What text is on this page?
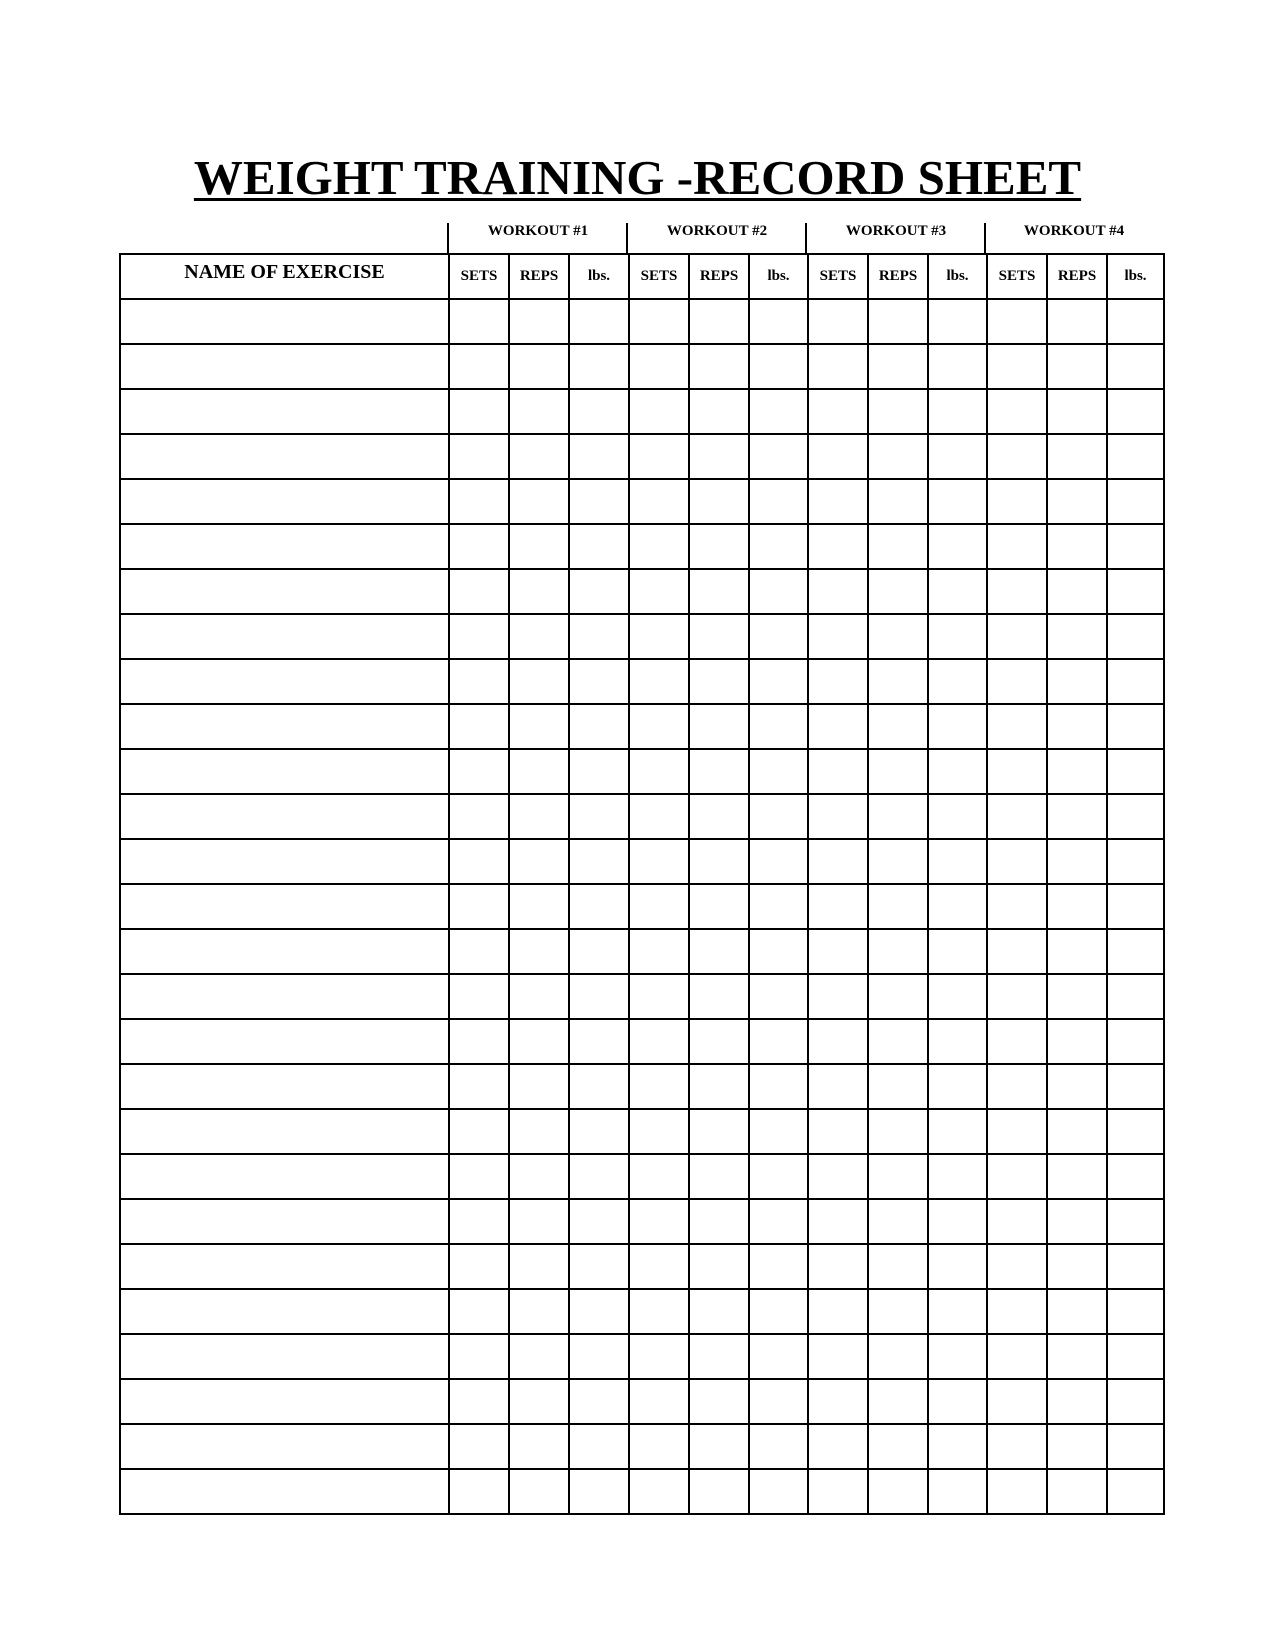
WEIGHT TRAINING -RECORD SHEET
WORKOUT #1	WORKOUT #2	WORKOUT #3	WORKOUT #4
NAME OF EXERCISE	SETS	REPS	lbs.	SETS	REPS	lbs.	SETS	REPS	lbs.	SETS	REPS	lbs.
